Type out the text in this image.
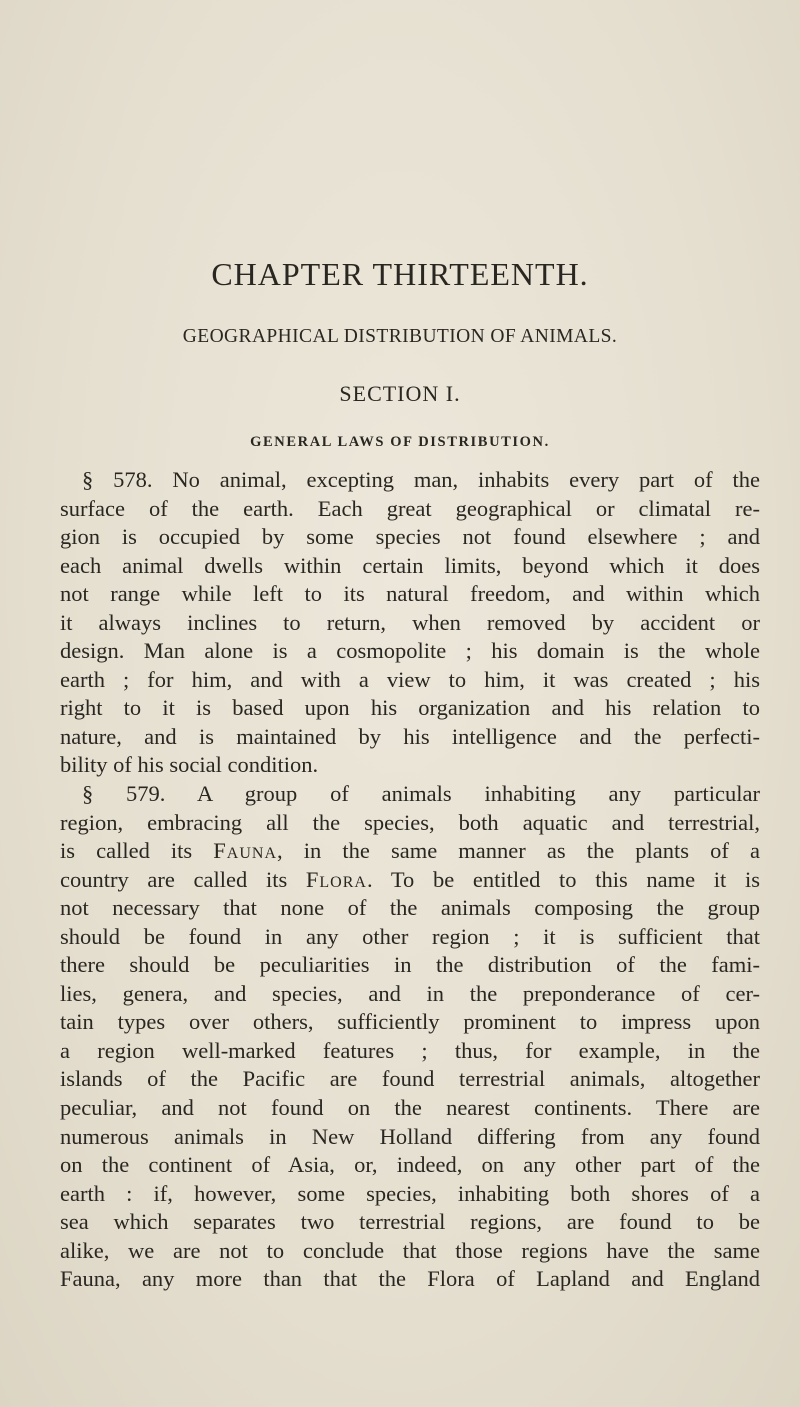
CHAPTER THIRTEENTH.
GEOGRAPHICAL DISTRIBUTION OF ANIMALS.
SECTION I.
GENERAL LAWS OF DISTRIBUTION.
§ 578. No animal, excepting man, inhabits every part of the
surface of the earth. Each great geographical or climatal re-
gion is occupied by some species not found elsewhere ; and
each animal dwells within certain limits, beyond which it does
not range while left to its natural freedom, and within which
it always inclines to return, when removed by accident or
design. Man alone is a cosmopolite ; his domain is the whole
earth ; for him, and with a view to him, it was created ; his
right to it is based upon his organization and his relation to
nature, and is maintained by his intelligence and the perfecti-
bility of his social condition.
§ 579. A group of animals inhabiting any particular
region, embracing all the species, both aquatic and terrestrial,
is called its Fauna, in the same manner as the plants of a
country are called its Flora. To be entitled to this name it is
not necessary that none of the animals composing the group
should be found in any other region ; it is sufficient that
there should be peculiarities in the distribution of the fami-
lies, genera, and species, and in the preponderance of cer-
tain types over others, sufficiently prominent to impress upon
a region well-marked features ; thus, for example, in the
islands of the Pacific are found terrestrial animals, altogether
peculiar, and not found on the nearest continents. There are
numerous animals in New Holland differing from any found
on the continent of Asia, or, indeed, on any other part of the
earth : if, however, some species, inhabiting both shores of a
sea which separates two terrestrial regions, are found to be
alike, we are not to conclude that those regions have the same
Fauna, any more than that the Flora of Lapland and England
